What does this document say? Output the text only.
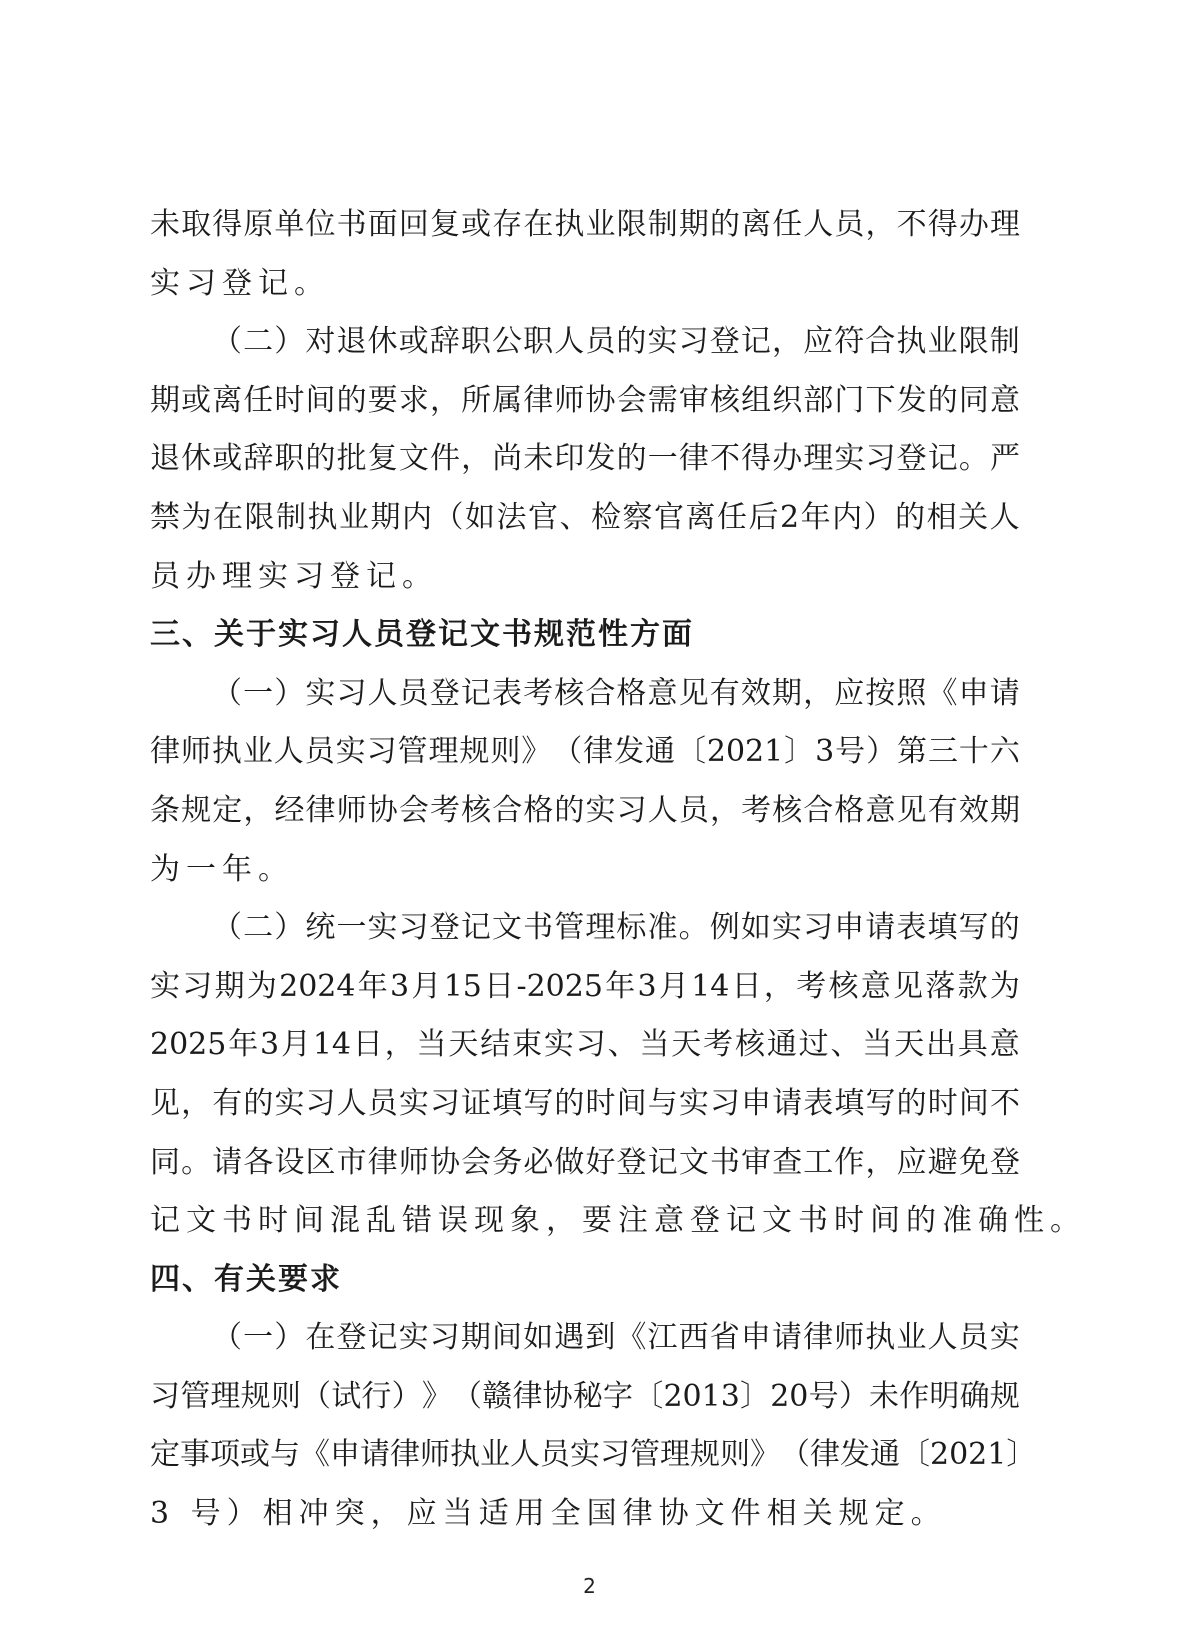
未 取 得 原 单 位 书 面 回 复 或 存 在 执 业 限 制 期 的 离 任 人 员 ， 不 得 办 理
实习登记。
（ 二 ） 对 退 休 或 辞 职 公 职 人 员 的 实 习 登 记 ， 应 符 合 执 业 限 制
期 或 离 任 时 间 的 要 求 ， 所 属 律 师 协 会 需 审 核 组 织 部 门 下 发 的 同 意
退 休 或 辞 职 的 批 复 文 件 ， 尚 未 印 发 的 一 律 不 得 办 理 实 习 登 记 。 严
禁 为 在 限 制 执 业 期 内 （ 如 法 官 、 检 察 官 离 任 后 2 年 内 ） 的 相 关 人
员办理实习登记。
三、关于实习人员登记文书规范性方面
（ 一 ） 实 习 人 员 登 记 表 考 核 合 格 意 见 有 效 期 ， 应 按 照 《 申 请
律 师 执 业 人 员 实 习 管 理 规 则 》 （ 律 发 通 〔 2021 〕 3 号 ） 第 三 十 六
条 规 定 ， 经 律 师 协 会 考 核 合 格 的 实 习 人 员 ， 考 核 合 格 意 见 有 效 期
为一年。
（ 二 ） 统 一 实 习 登 记 文 书 管 理 标 准 。 例 如 实 习 申 请 表 填 写 的
实 习 期 为 2024 年 3 月 15 日 -2025 年 3 月 14 日 ， 考 核 意 见 落 款 为
2025 年 3 月 14 日 ， 当 天 结 束 实 习 、 当 天 考 核 通 过 、 当 天 出 具 意
见 ， 有 的 实 习 人 员 实 习 证 填 写 的 时 间 与 实 习 申 请 表 填 写 的 时 间 不
同 。 请 各 设 区 市 律 师 协 会 务 必 做 好 登 记 文 书 审 查 工 作 ， 应 避 免 登
记文书时间混乱错误现象，要注意登记文书时间的准确性。
四、有关要求
（ 一 ） 在 登 记 实 习 期 间 如 遇 到 《 江 西 省 申 请 律 师 执 业 人 员 实
习 管 理 规 则 （ 试 行 ） 》 （ 赣 律 协 秘 字 〔 2013 〕 20 号 ） 未 作 明 确 规
定 事 项 或 与 《 申 请 律 师 执 业 人 员 实 习 管 理 规 则 》 （ 律 发 通 〔 2021 〕
3 号）相冲突，应当适用全国律协文件相关规定。
2
